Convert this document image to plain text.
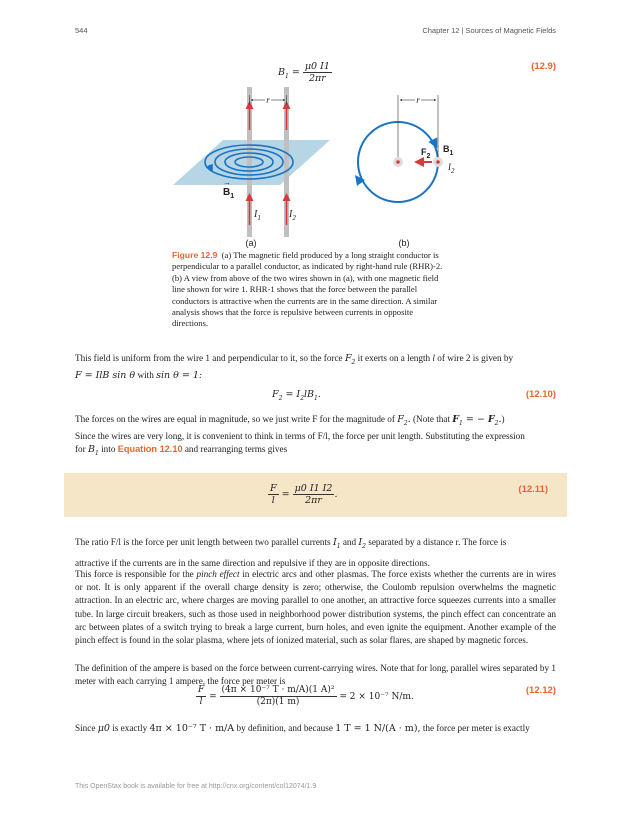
544	Chapter 12 | Sources of Magnetic Fields
$B_1 = \frac{\mu 0 I1}{2\pi r}$	(12.9)
r
$B_1$
→
$I_1$	$I_2$
(a)
r
$F_2$
$B_1$
$I_2$
(b)
Figure 12.9 (a) The magnetic field produced by a long straight conductor is perpendicular to a parallel conductor, as indicated by right-hand rule (RHR)-2. (b) A view from above of the two wires shown in (a), with one magnetic field line shown for wire 1. RHR-1 shows that the force between the parallel conductors is attractive when the currents are in the same direction. A similar analysis shows that the force is repulsive between currents in opposite directions.
This field is uniform from the wire 1 and perpendicular to it, so the force $F_2$ it exerts on a length l of wire 2 is given by
F = IlB sin θ with sin θ = 1:
$F_2 = I_2lB_1$.	(12.10)
The forces on the wires are equal in magnitude, so we just write F for the magnitude of $F_2$. (Note that $F_1$ = − $F_2$.)
Since the wires are very long, it is convenient to think in terms of F/l, the force per unit length. Substituting the expression
for $B_1$ into Equation 12.10 and rearranging terms gives
$\frac{F}{l} = \frac{\mu 0 I1 I2}{2\pi r}$ .	(12.11)
The ratio F/l is the force per unit length between two parallel currents $I_1$ and $I_2$ separated by a distance r. The force is
attractive if the currents are in the same direction and repulsive if they are in opposite directions.
This force is responsible for the pinch effect in electric arcs and other plasmas. The force exists whether the currents are in wires or not. It is only apparent if the overall charge density is zero; otherwise, the Coulomb repulsion overwhelms the magnetic attraction. In an electric arc, where charges are moving parallel to one another, an attractive force squeezes currents into a smaller tube. In large circuit breakers, such as those used in neighborhood power distribution systems, the pinch effect can concentrate an arc between plates of a switch trying to break a large current, burn holes, and even ignite the equipment. Another example of the pinch effect is found in the solar plasma, where jets of ionized material, such as solar flares, are shaped by magnetic forces.
The definition of the ampere is based on the force between current-carrying wires. Note that for long, parallel wires separated by 1 meter with each carrying 1 ampere, the force per meter is
$\frac{F}{l} = \frac{\text{(4π × 10⁻⁷ T · m/A)(1 A)²}}{(2\pi)(1 m)} = 2 \times 10^{-7}$ N/m.
(12.12)
Since μ0 is exactly 4π × 10⁻⁷ T · m/A by definition, and because 1 T = 1 N/(A · m), the force per meter is exactly
This OpenStax book is available for free at http://cnx.org/content/col12074/1.9
